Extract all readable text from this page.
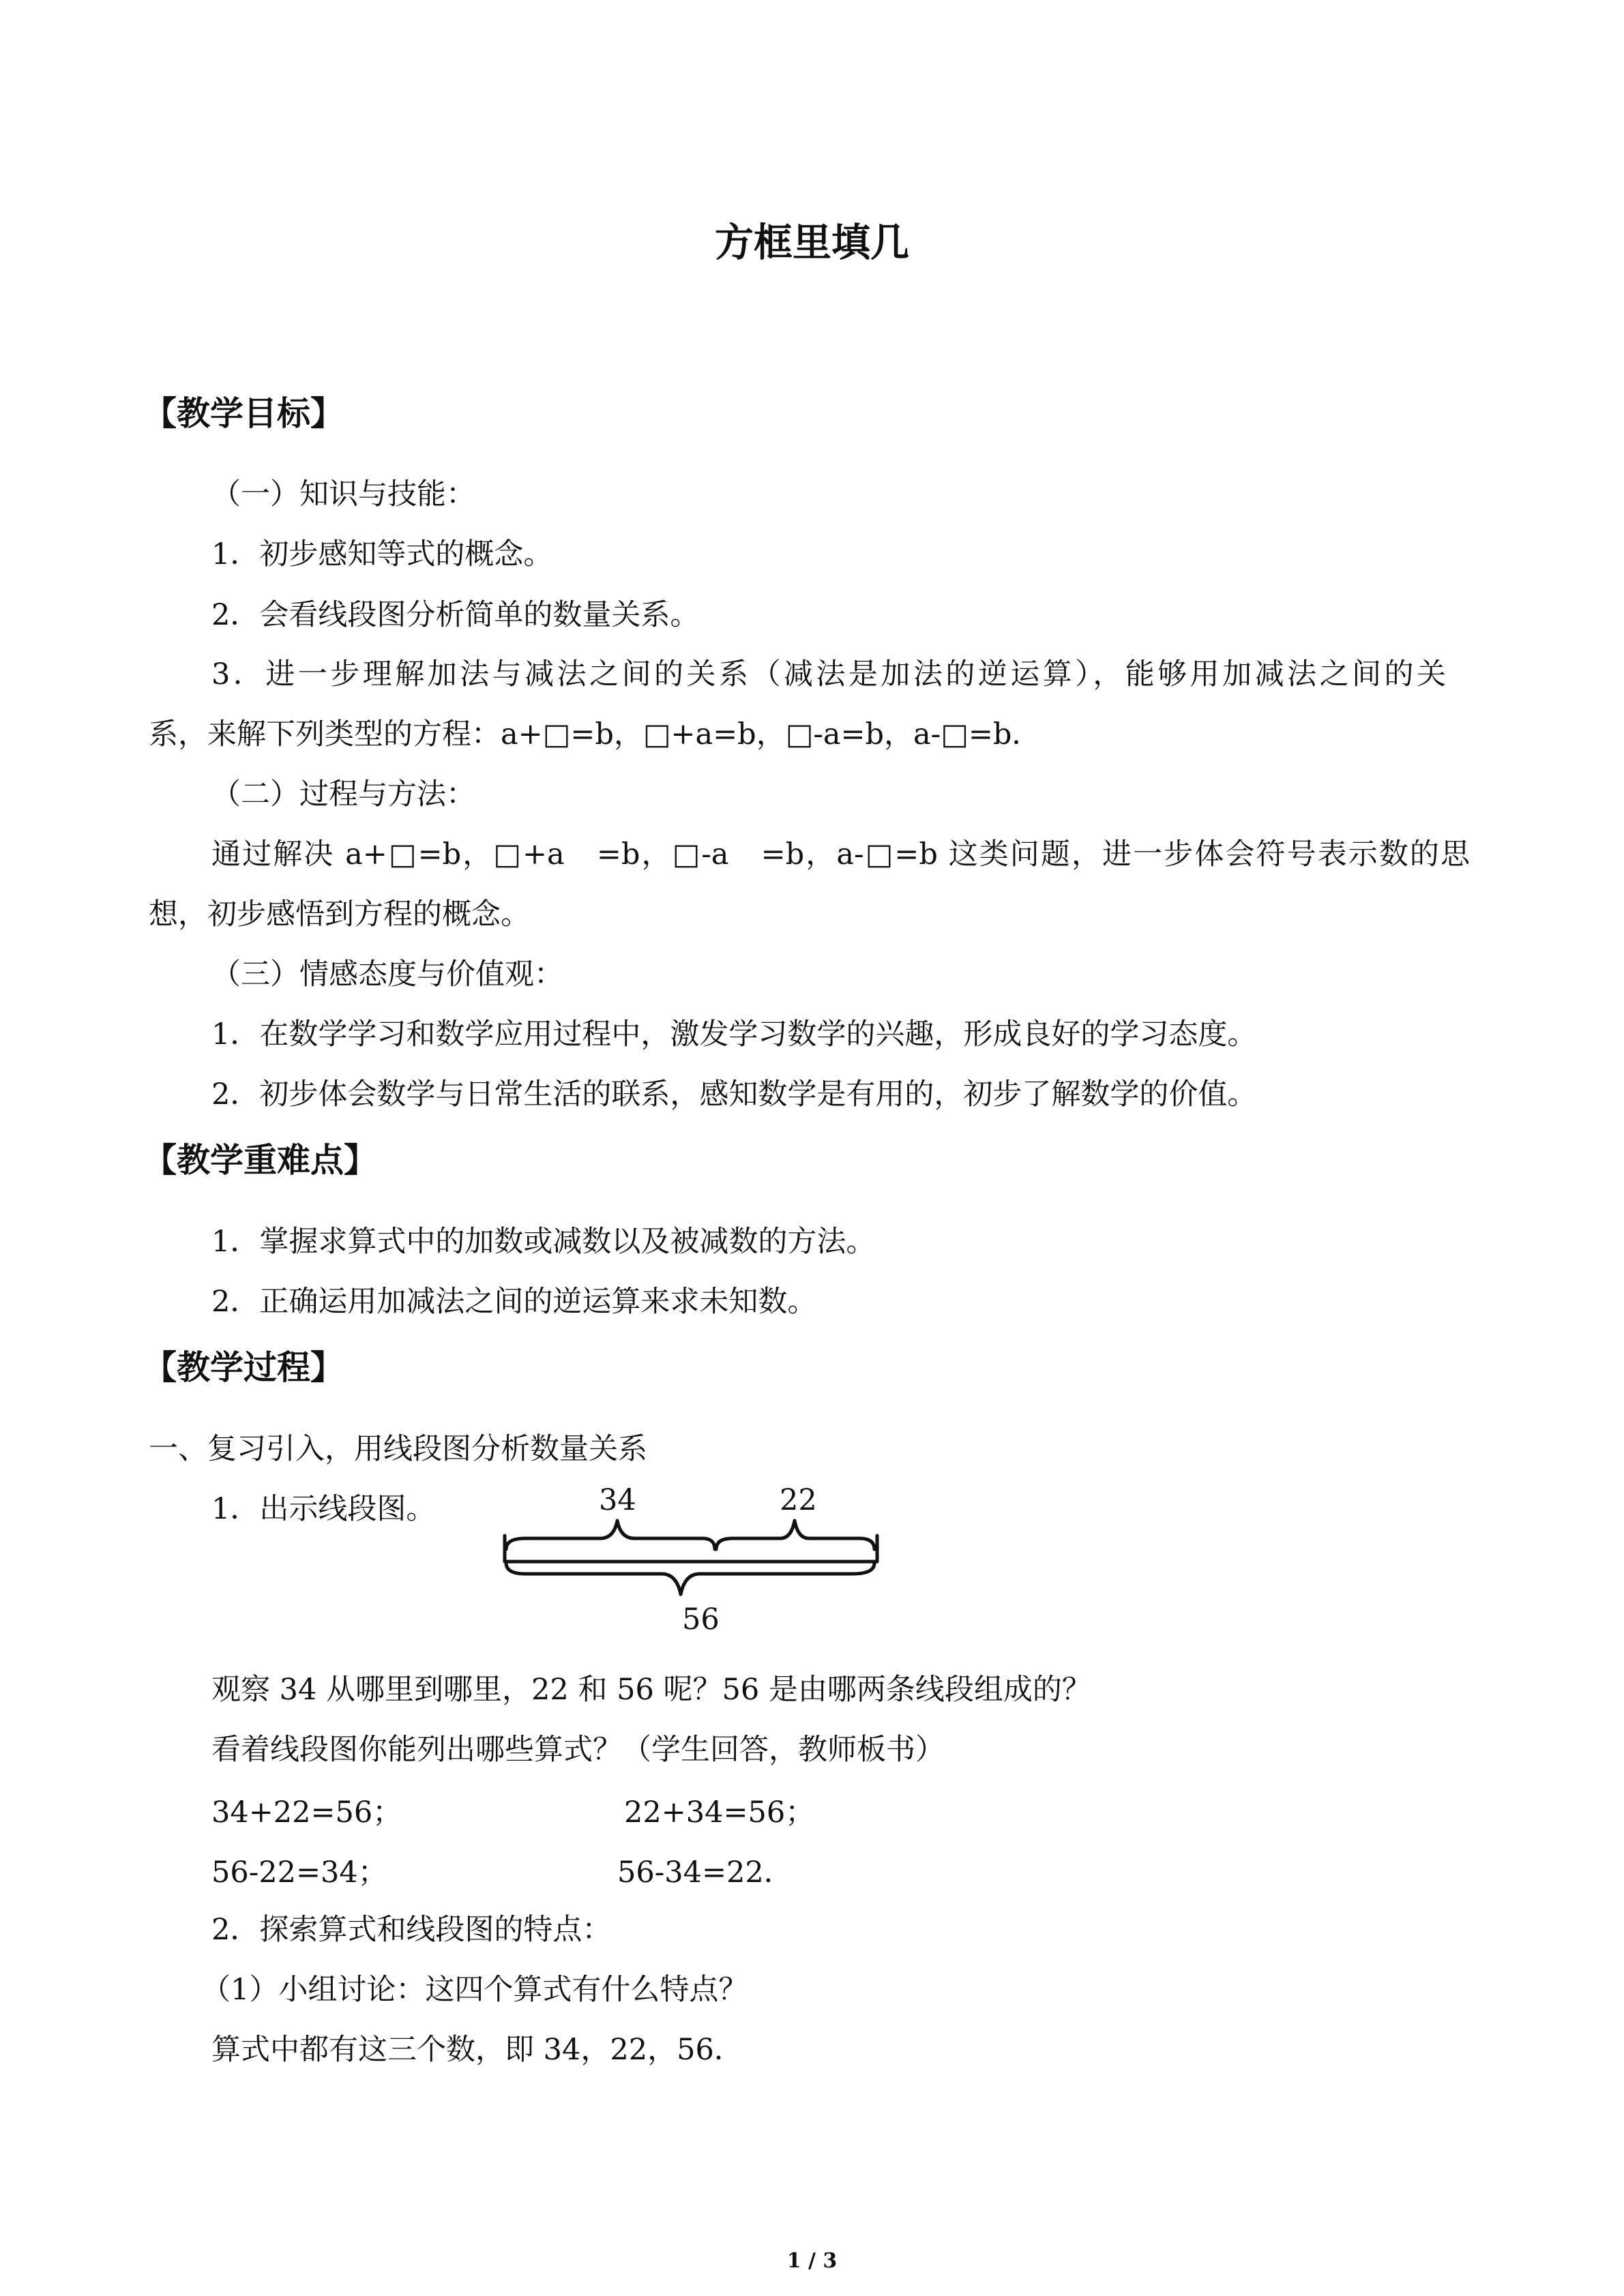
方框里填几
【教学目标】
（一）知识与技能：
1．初步感知等式的概念。
2．会看线段图分析简单的数量关系。
3．进一步理解加法与减法之间的关系（减法是加法的逆运算），能够用加减法之间的关
系，来解下列类型的方程：a+□=b，□+a=b，□-a=b，a-□=b．
（二）过程与方法：
通过解决 a+□=b，□+a　=b，□-a　=b，a-□=b 这类问题，进一步体会符号表示数的思
想，初步感悟到方程的概念。
（三）情感态度与价值观：
1．在数学学习和数学应用过程中，激发学习数学的兴趣，形成良好的学习态度。
2．初步体会数学与日常生活的联系，感知数学是有用的，初步了解数学的价值。
【教学重难点】
1．掌握求算式中的加数或减数以及被减数的方法。
2．正确运用加减法之间的逆运算来求未知数。
【教学过程】
一、复习引入，用线段图分析数量关系
1．出示线段图。	34	22
56
观察 34 从哪里到哪里，22 和 56 呢？56 是由哪两条线段组成的？
看着线段图你能列出哪些算式？（学生回答，教师板书）
34+22=56；	22+34=56；
56-22=34；	56-34=22．
2．探索算式和线段图的特点：
（1）小组讨论：这四个算式有什么特点？
算式中都有这三个数，即 34，22，56．
1 / 3
